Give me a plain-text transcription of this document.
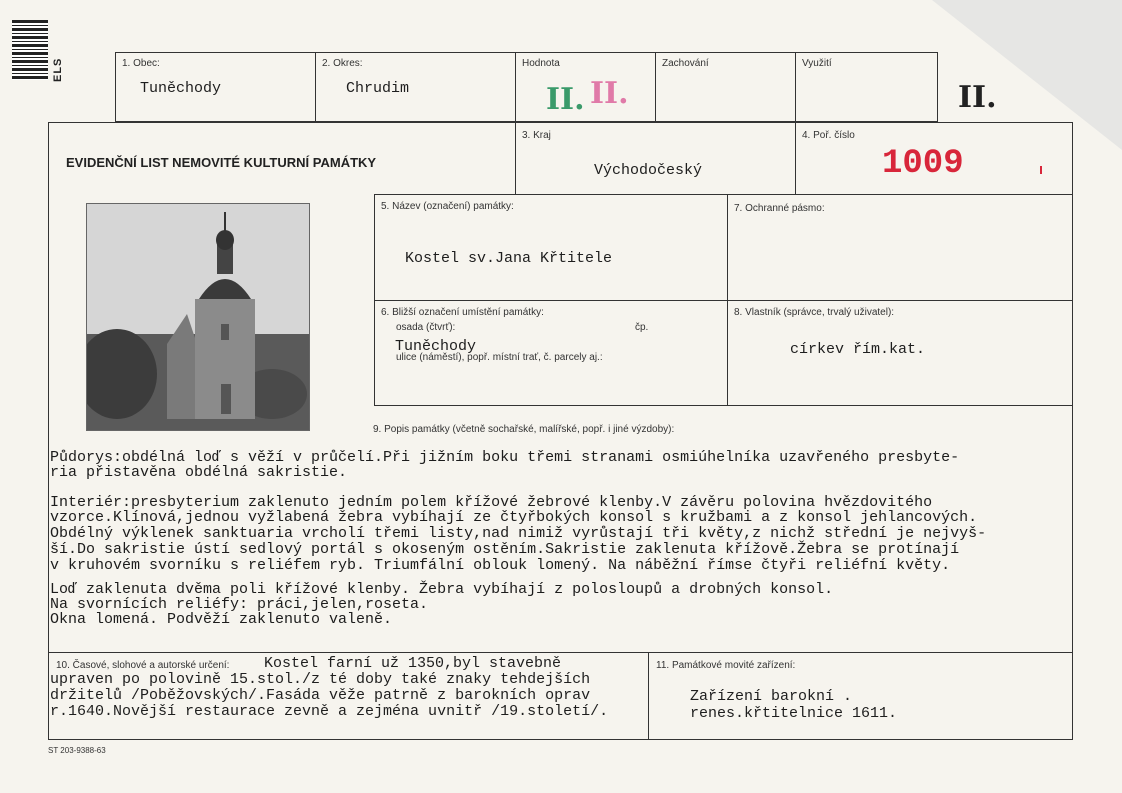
ELS	1. Obec:
Tuněchody
2. Okres:
Chrudim
Hodnota
II. II.
Zachování	Využití
II.
EVIDENČNÍ LIST NEMOVITÉ KULTURNÍ PAMÁTKY
3. Kraj
Východočeský
4. Poř. číslo
1009
5. Název (označení) památky:
Kostel sv.Jana Křtitele
7. Ochranné pásmo:
6. Bližší označení umístění památky:
osada (čtvrť):	čp.
Tuněchody
ulice (náměstí), popř. místní trať, č. parcely aj.:
8. Vlastník (správce, trvalý uživatel):
církev řím.kat.
9. Popis památky (včetně sochařské, malířské, popř. i jiné výzdoby):
Půdorys:obdélná loď s věží v průčelí.Při jižním boku třemi stranami osmiúhelníka uzavřeného presbyte-
ria přistavěna obdélná sakristie.
Interiér:presbyterium zaklenuto jedním polem křížové žebrové klenby.V závěru polovina hvězdovitého
vzorce.Klínová,jednou vyžlabená žebra vybíhají ze čtyřbokých konsol s kružbami a z konsol jehlancových.
Obdélný výklenek sanktuaria vrcholí třemi listy,nad nimiž vyrůstají tři květy,z nichž střední je nejvyš-
ší.Do sakristie ústí sedlový portál s okoseným ostěním.Sakristie zaklenuta křížově.Žebra se protínají
v kruhovém svorníku s reliéfem ryb. Triumfální oblouk lomený. Na náběžní římse čtyři reliéfní květy.
Loď zaklenuta dvěma poli křížové klenby. Žebra vybíhají z polosloupů a drobných konsol.
Na svornících reliéfy: práci,jelen,roseta.
Okna lomená. Podvěží zaklenuto valeně.
10. Časové, slohové a autorské určení: Kostel farní už 1350,byl stavebně
upraven po polovině 15.stol./z té doby také znaky tehdejších
držitelů /Poběžovských/.Fasáda věže patrně z barokních oprav
r.1640.Novější restaurace zevně a zejména uvnitř /19.století/.
11. Památkové movité zařízení:
Zařízení barokní .
renes.křtitelnice 1611.
ST 203-9388-63
